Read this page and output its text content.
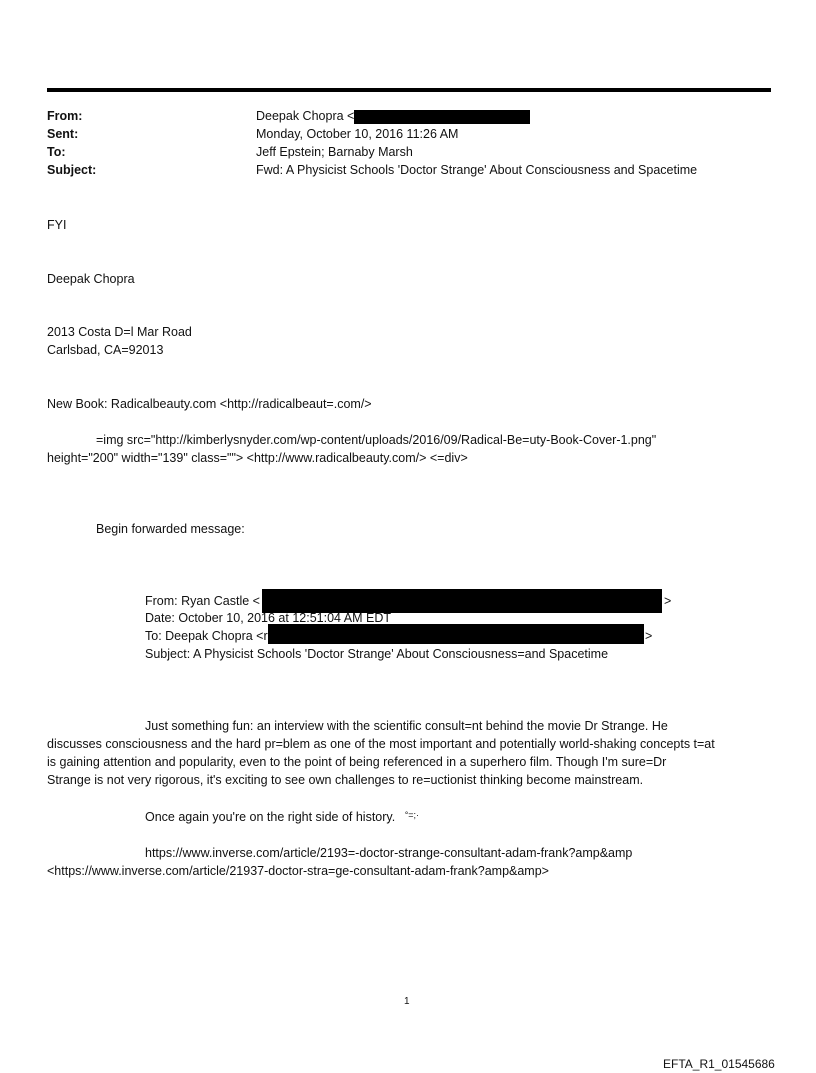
From:	Deepak Chopra <
Sent:	Monday, October 10, 2016 11:26 AM
To:	Jeff Epstein; Barnaby Marsh
Subject:	Fwd: A Physicist Schools 'Doctor Strange' About Consciousness and Spacetime
FYI
Deepak Chopra
2013 Costa D=l Mar Road
Carlsbad, CA=92013
New Book: Radicalbeauty.com <http://radicalbeaut=.com/>
=img src="http://kimberlysnyder.com/wp-content/uploads/2016/09/Radical-Be=uty-Book-Cover-1.png"
height="200" width="139" class=""> <http://www.radicalbeauty.com/> <=div>
Begin forwarded message:
From: Ryan Castle <	>
Date: October 10, 2016 at 12:51:04 AM EDT
To: Deepak Chopra <r	>
Subject: A Physicist Schools 'Doctor Strange' About Consciousness=and Spacetime
Just something fun: an interview with the scientific consult=nt behind the movie Dr Strange. He
discusses consciousness and the hard pr=blem as one of the most important and potentially world-shaking concepts t=at
is gaining attention and popularity, even to the point of being referenced in a superhero film. Though I'm sure=Dr
Strange is not very rigorous, it's exciting to see own challenges to re=uctionist thinking become mainstream.
Once again you're on the right side of history. °=;·
https://www.inverse.com/article/2193=-doctor-strange-consultant-adam-frank?amp&amp
<https://www.inverse.com/article/21937-doctor-stra=ge-consultant-adam-frank?amp&amp>
1
EFTA_R1_01545686
